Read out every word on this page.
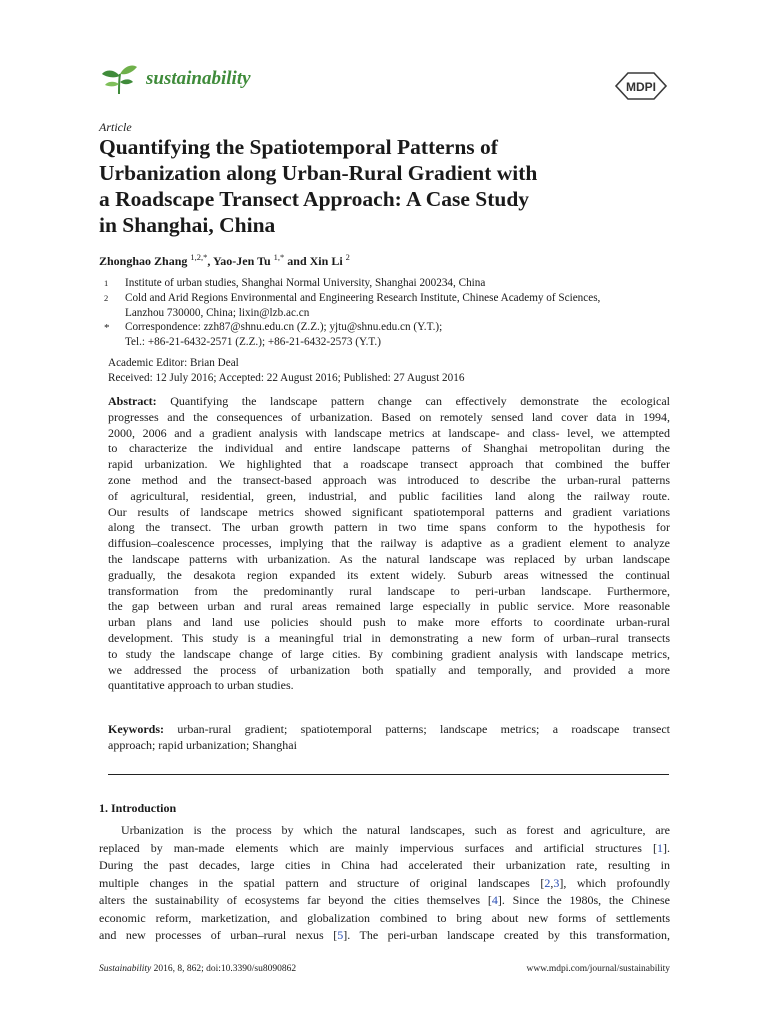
sustainability	MDPI
Article
Quantifying the Spatiotemporal Patterns of
Urbanization along Urban-Rural Gradient with
a Roadscape Transect Approach: A Case Study
in Shanghai, China
Zhonghao Zhang $^{1,2,*}$, Yao-Jen Tu $^{1,*}$ and Xin Li $^2$
1 Institute of urban studies, Shanghai Normal University, Shanghai 200234, China
2 Cold and Arid Regions Environmental and Engineering Research Institute, Chinese Academy of Sciences,
Lanzhou 730000, China; lixin@lzb.ac.cn
* Correspondence: zzh87@shnu.edu.cn (Z.Z.); yjtu@shnu.edu.cn (Y.T.);
Tel.: +86-21-6432-2571 (Z.Z.); +86-21-6432-2573 (Y.T.)
Academic Editor: Brian Deal
Received: 12 July 2016; Accepted: 22 August 2016; Published: 27 August 2016
Abstract: Quantifying the landscape pattern change can effectively demonstrate the ecological
progresses and the consequences of urbanization. Based on remotely sensed land cover data in 1994,
2000, 2006 and a gradient analysis with landscape metrics at landscape- and class- level, we attempted
to characterize the individual and entire landscape patterns of Shanghai metropolitan during the
rapid urbanization. We highlighted that a roadscape transect approach that combined the buffer
zone method and the transect-based approach was introduced to describe the urban-rural patterns
of agricultural, residential, green, industrial, and public facilities land along the railway route.
Our results of landscape metrics showed significant spatiotemporal patterns and gradient variations
along the transect. The urban growth pattern in two time spans conform to the hypothesis for
diffusion–coalescence processes, implying that the railway is adaptive as a gradient element to analyze
the landscape patterns with urbanization. As the natural landscape was replaced by urban landscape
gradually, the desakota region expanded its extent widely. Suburb areas witnessed the continual
transformation from the predominantly rural landscape to peri-urban landscape. Furthermore,
the gap between urban and rural areas remained large especially in public service. More reasonable
urban plans and land use policies should push to make more efforts to coordinate urban-rural
development. This study is a meaningful trial in demonstrating a new form of urban–rural transects
to study the landscape change of large cities. By combining gradient analysis with landscape metrics,
we addressed the process of urbanization both spatially and temporally, and provided a more
quantitative approach to urban studies.
Keywords: urban-rural gradient; spatiotemporal patterns; landscape metrics; a roadscape transect
approach; rapid urbanization; Shanghai
1. Introduction
Urbanization is the process by which the natural landscapes, such as forest and agriculture, are
replaced by man-made elements which are mainly impervious surfaces and artificial structures [1].
During the past decades, large cities in China had accelerated their urbanization rate, resulting in
multiple changes in the spatial pattern and structure of original landscapes [2,3], which profoundly
alters the sustainability of ecosystems far beyond the cities themselves [4]. Since the 1980s, the Chinese
economic reform, marketization, and globalization combined to bring about new forms of settlements
and new processes of urban–rural nexus [5]. The peri-urban landscape created by this transformation,
Sustainability 2016, 8, 862; doi:10.3390/su8090862	www.mdpi.com/journal/sustainability
